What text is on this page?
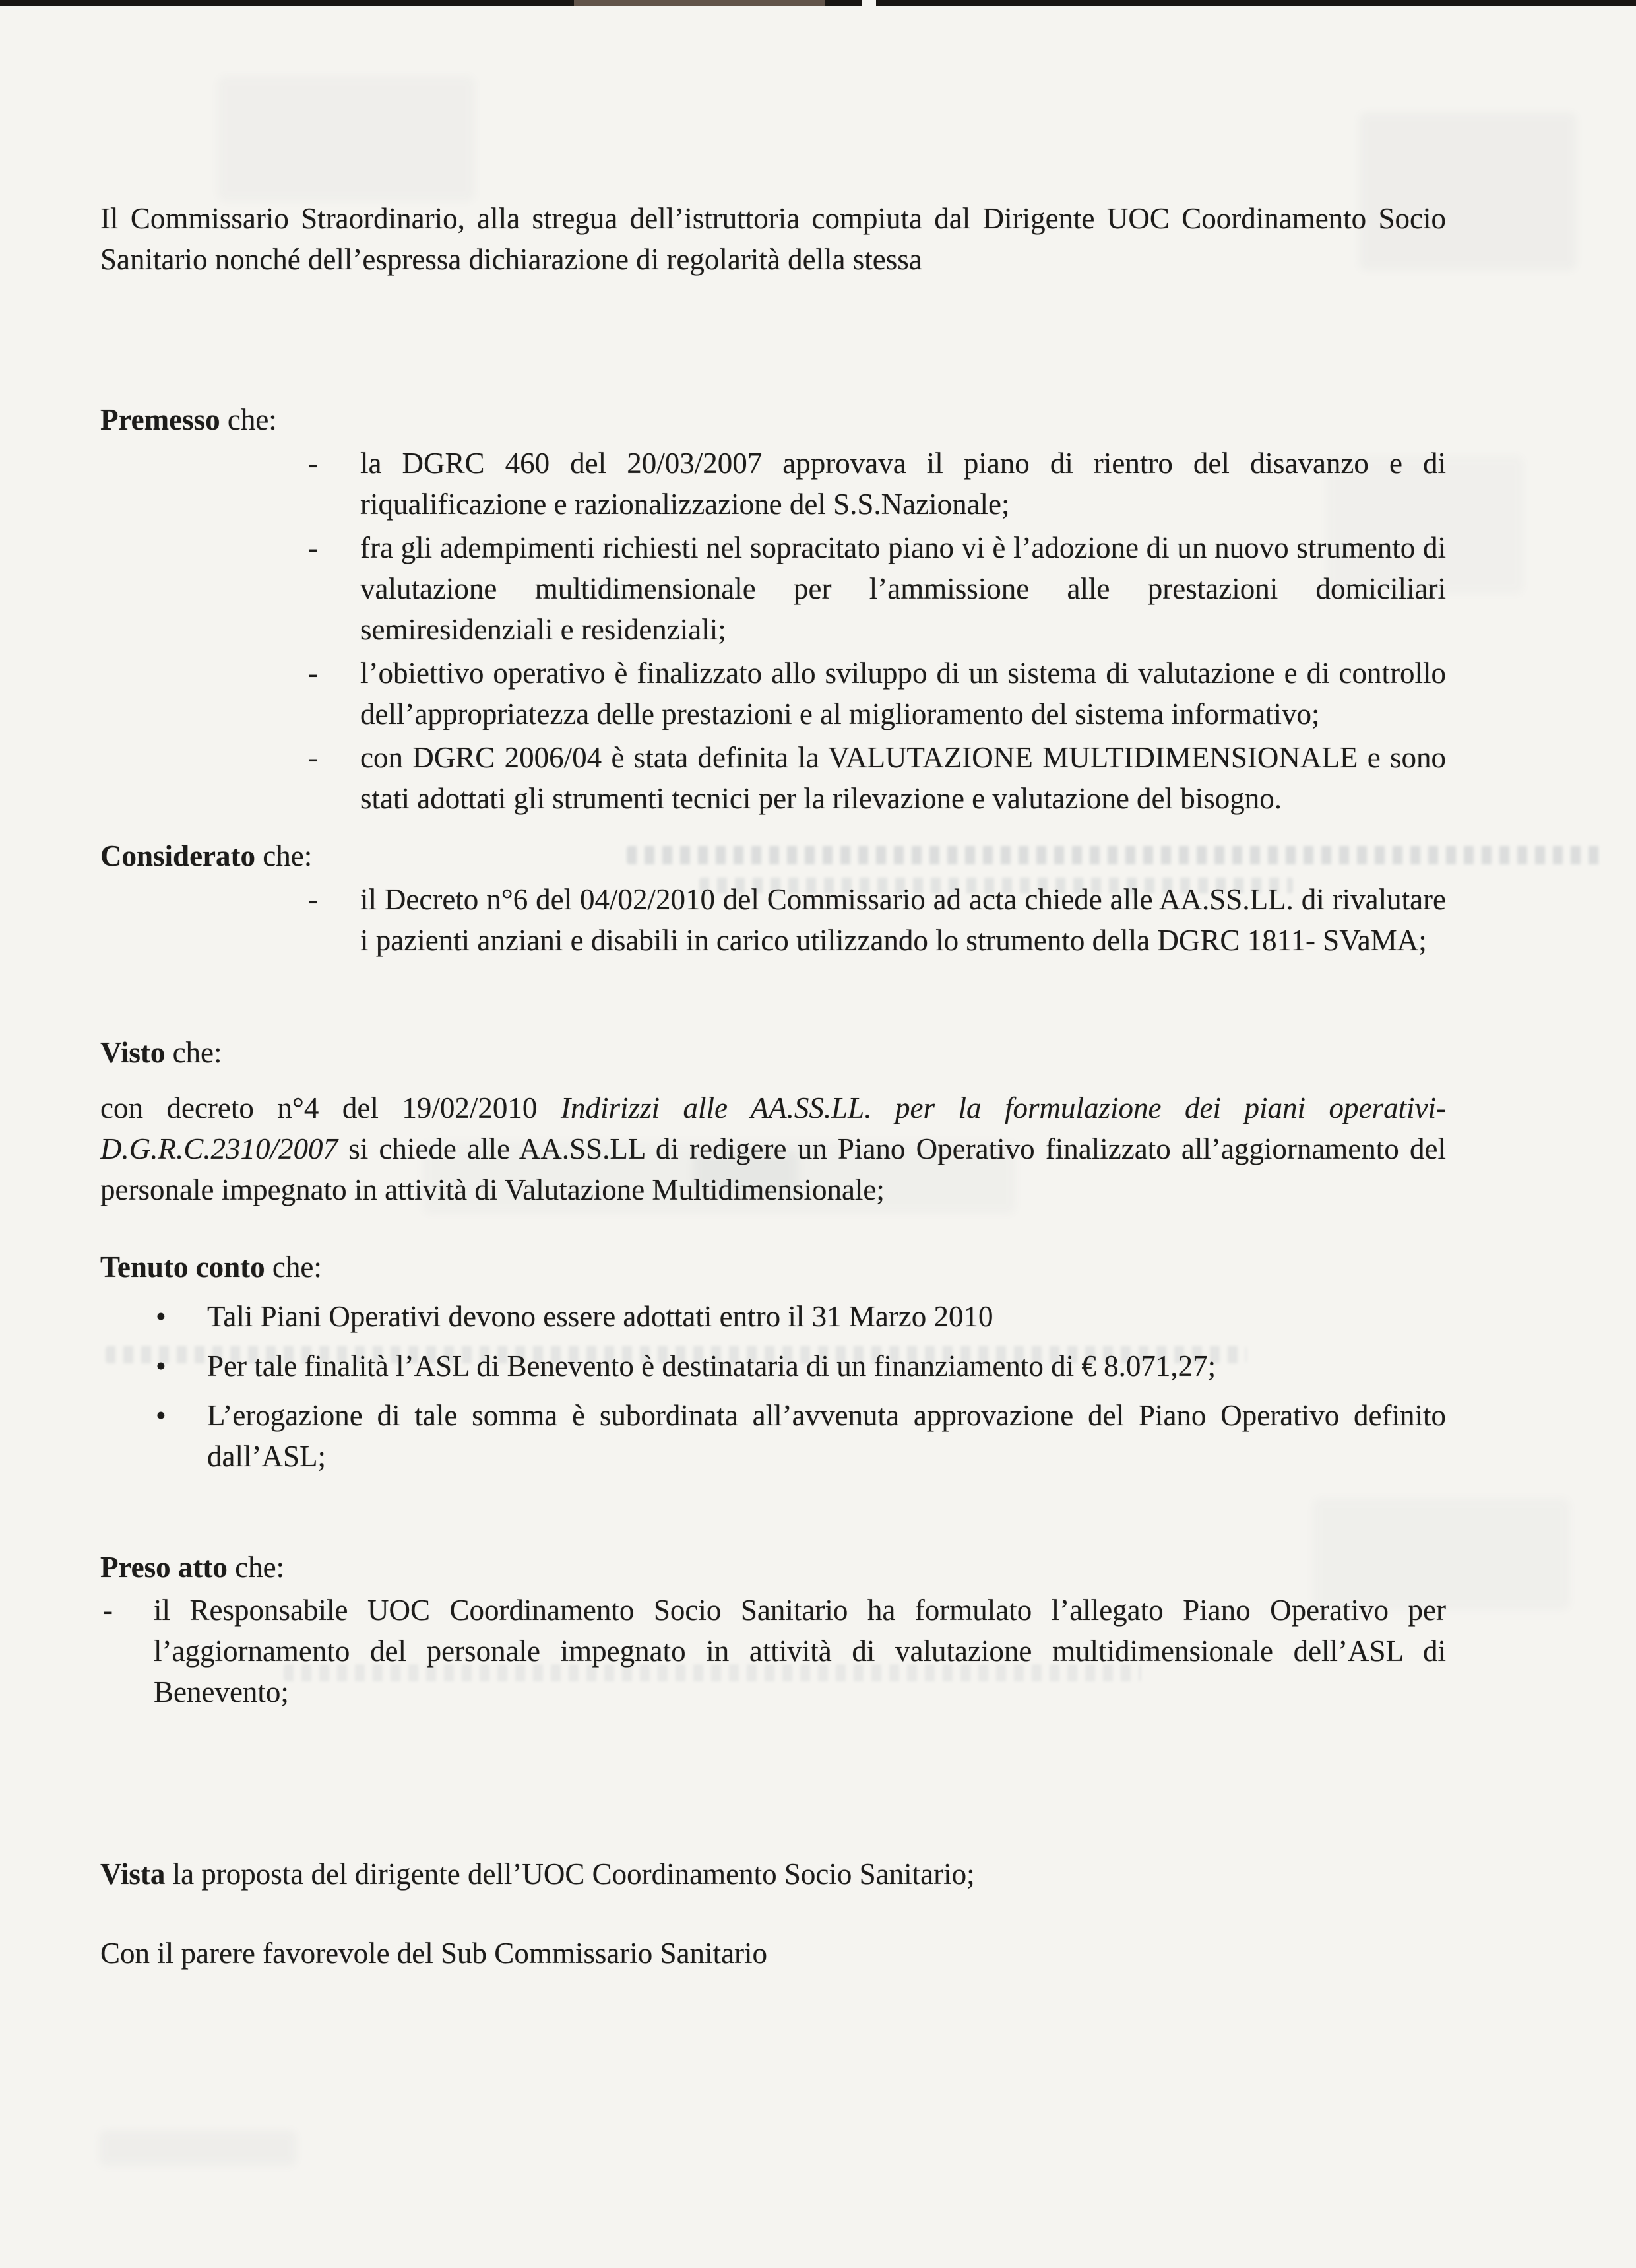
Il Commissario Straordinario, alla stregua dell’istruttoria compiuta dal Dirigente UOC Coordinamento Socio Sanitario nonché dell’espressa dichiarazione di regolarità della stessa

Premesso che:

- la DGRC 460 del 20/03/2007 approvava il piano di rientro del disavanzo e di riqualificazione e razionalizzazione del S.S.Nazionale;
- fra gli adempimenti richiesti nel sopracitato piano vi è l’adozione di un nuovo strumento di valutazione multidimensionale per l’ammissione alle prestazioni domiciliari semiresidenziali e residenziali;
- l’obiettivo operativo è finalizzato allo sviluppo di un sistema di valutazione e di controllo dell’appropriatezza delle prestazioni e al miglioramento del sistema informativo;
- con DGRC 2006/04 è stata definita la VALUTAZIONE MULTIDIMENSIONALE e sono stati adottati gli strumenti tecnici per la rilevazione e valutazione del bisogno.

Considerato che:

- il Decreto n°6 del 04/02/2010 del Commissario ad acta chiede alle AA.SS.LL. di rivalutare i pazienti anziani e disabili in carico utilizzando lo strumento della DGRC 1811- SVaMA;

Visto che:

con decreto n°4 del 19/02/2010 Indirizzi alle AA.SS.LL. per la formulazione dei piani operativi-D.G.R.C.2310/2007 si chiede alle AA.SS.LL di redigere un Piano Operativo finalizzato all’aggiornamento del personale impegnato in attività di Valutazione Multidimensionale;

Tenuto conto che:

• Tali Piani Operativi devono essere adottati entro il 31 Marzo 2010
• Per tale finalità l’ASL di Benevento è destinataria di un finanziamento di € 8.071,27;
• L’erogazione di tale somma è subordinata all’avvenuta approvazione del Piano Operativo definito dall’ASL;

Preso atto che:

- il Responsabile UOC Coordinamento Socio Sanitario ha formulato l’allegato Piano Operativo per l’aggiornamento del personale impegnato in attività di valutazione multidimensionale dell’ASL di Benevento;

Vista la proposta del dirigente dell’UOC Coordinamento Socio Sanitario;

Con il parere favorevole del Sub Commissario Sanitario
